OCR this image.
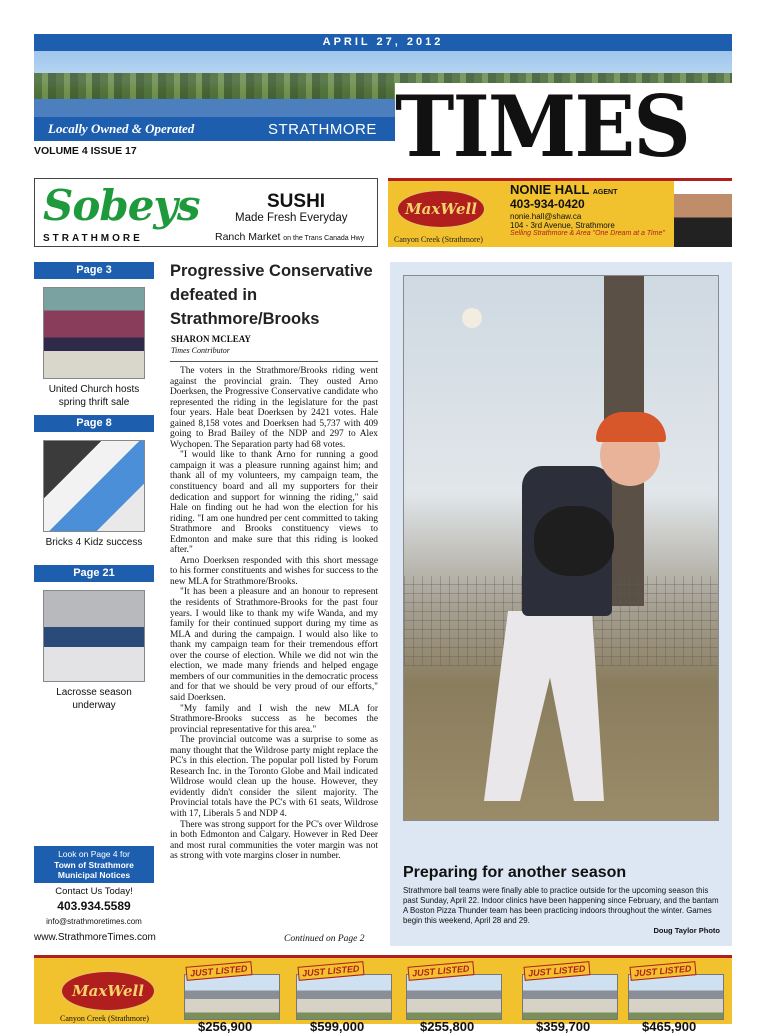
APRIL 27, 2012
Locally Owned & Operated	STRATHMORE TIMES
VOLUME 4 ISSUE 17
Sobeys
STRATHMORE
SUSHI
Made Fresh Everyday
Ranch Market on the Trans Canada Hwy
MaxWell
Canyon Creek (Strathmore)
NONIE HALL AGENT
403-934-0420
nonie.hall@shaw.ca
104 - 3rd Avenue, Strathmore
Selling Strathmore & Area "One Dream at a Time"
Page 3
United Church hosts spring thrift sale
Page 8
Bricks 4 Kidz success
Page 21
Lacrosse season underway
Look on Page 4 for
Town of Strathmore
Municipal Notices
Contact Us Today!
403.934.5589
info@strathmoretimes.com
www.StrathmoreTimes.com
Progressive Conservative defeated in Strathmore/Brooks
SHARON MCLEAY
Times Contributor

The voters in the Strathmore/Brooks riding went against the provincial grain. They ousted Arno Doerksen, the Progressive Conservative candidate who represented the riding in the legislature for the past four years. Hale beat Doerksen by 2421 votes. Hale gained 8,158 votes and Doerksen had 5,737 with 409 going to Brad Bailey of the NDP and 297 to Alex Wychopen. The Separation party had 68 votes.

"I would like to thank Arno for running a good campaign it was a pleasure running against him; and thank all of my volunteers, my campaign team, the constituency board and all my supporters for their dedication and support for winning the riding," said Hale on finding out he had won the election for his riding. "I am one hundred per cent committed to taking Strathmore and Brooks constituency views to Edmonton and make sure that this riding is looked after."

Arno Doerksen responded with this short message to his former constituents and wishes for success to the new MLA for Strathmore/Brooks.

"It has been a pleasure and an honour to represent the residents of Strathmore-Brooks for the past four years. I would like to thank my wife Wanda, and my family for their continued support during my time as MLA and during the campaign. I would also like to thank my campaign team for their tremendous effort over the course of election. While we did not win the election, we made many friends and helped engage members of our communities in the democratic process and for that we should be very proud of our efforts," said Doerksen.

"My family and I wish the new MLA for Strathmore-Brooks success as he becomes the provincial representative for this area."

The provincial outcome was a surprise to some as many thought that the Wildrose party might replace the PC's in this election. The popular poll listed by Forum Research Inc. in the Toronto Globe and Mail indicated Wildrose would clean up the house. However, they evidently didn't consider the silent majority. The Provincial totals have the PC's with 61 seats, Wildrose with 17, Liberals 5 and NDP 4.

There was strong support for the PC's over Wildrose in both Edmonton and Calgary. However in Red Deer and most rural communities the voter margin was not as strong with vote margins closer in number.

Continued on Page 2
Preparing for another season
Strathmore ball teams were finally able to practice outside for the upcoming season this past Sunday, April 22. Indoor clinics have been happening since February, and the bantam A Boston Pizza Thunder team has been practicing indoors throughout the winter. Games begin this weekend, April 28 and 29.
Doug Taylor Photo
MaxWell
Canyon Creek (Strathmore)
JUST LISTED
$256,900
JUST LISTED
$599,000
JUST LISTED
$255,800
JUST LISTED
$359,700
JUST LISTED
$465,900
